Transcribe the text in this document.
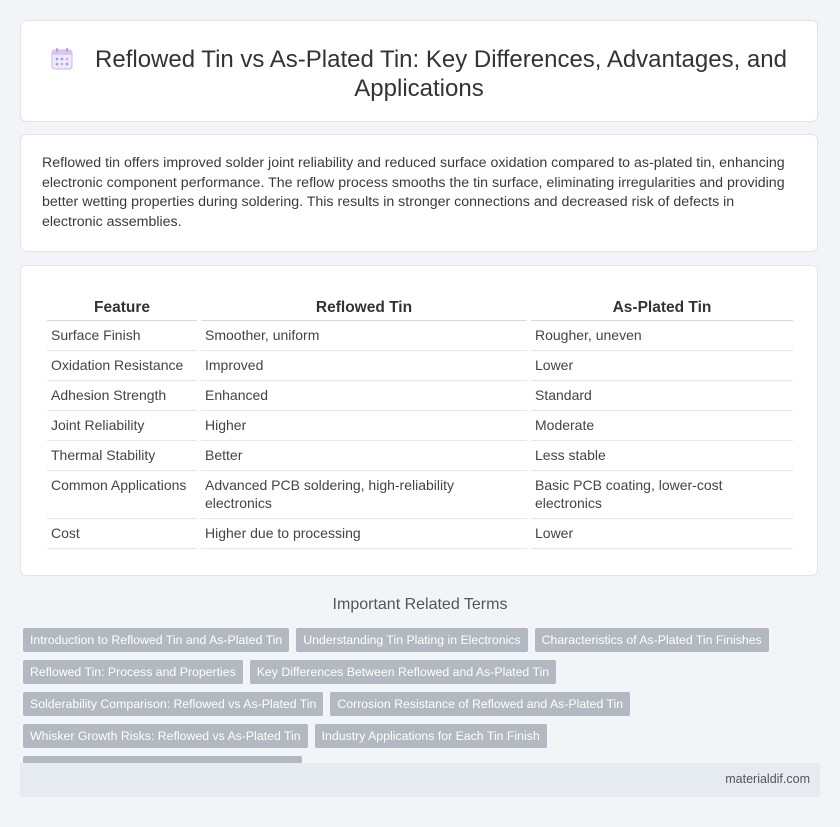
Reflowed Tin vs As-Plated Tin: Key Differences, Advantages, and Applications
Reflowed tin offers improved solder joint reliability and reduced surface oxidation compared to as-plated tin, enhancing electronic component performance. The reflow process smooths the tin surface, eliminating irregularities and providing better wetting properties during soldering. This results in stronger connections and decreased risk of defects in electronic assemblies.
Feature	Reflowed Tin	As-Plated Tin
Surface Finish	Smoother, uniform	Rougher, uneven
Oxidation Resistance	Improved	Lower
Adhesion Strength	Enhanced	Standard
Joint Reliability	Higher	Moderate
Thermal Stability	Better	Less stable
Common Applications	Advanced PCB soldering, high-reliability electronics	Basic PCB coating, lower-cost electronics
Cost	Higher due to processing	Lower
Important Related Terms
Introduction to Reflowed Tin and As-Plated Tin	Understanding Tin Plating in Electronics	Characteristics of As-Plated Tin Finishes
Reflowed Tin: Process and Properties	Key Differences Between Reflowed and As-Plated Tin
Solderability Comparison: Reflowed vs As-Plated Tin	Corrosion Resistance of Reflowed and As-Plated Tin
Whisker Growth Risks: Reflowed vs As-Plated Tin	Industry Applications for Each Tin Finish
materialdif.com
